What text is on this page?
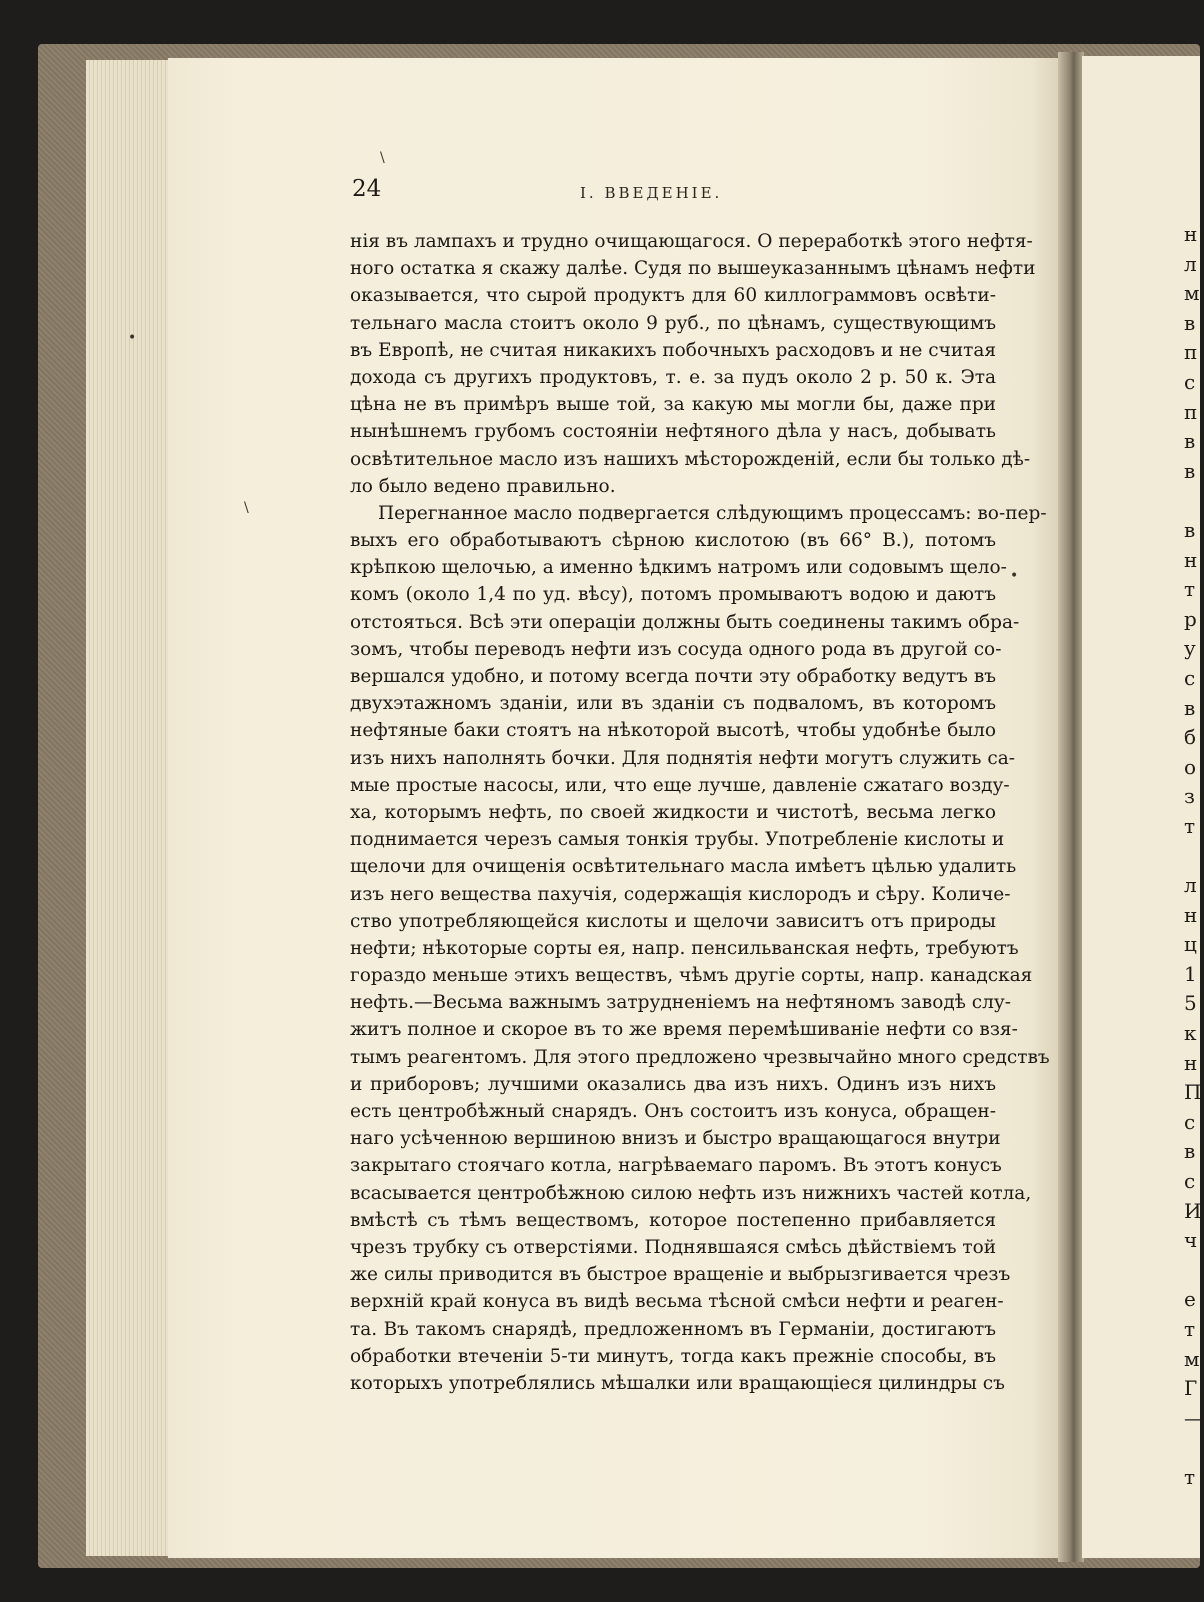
н
л
м
в
п
с
п
в
в
в
н
т
р
у
с
в
б
о
з
т
л
н
ц
1
5
к
н
П
с
в
с
И
ч
е
т
м
Г
—
т
24	I. ВВЕДЕНІЕ.
нія въ лампахъ и трудно очищающагося. О переработкѣ этого нефтя-
ного остатка я скажу далѣе. Судя по вышеуказаннымъ цѣнамъ нефти
оказывается, что сырой продуктъ для 60 киллограммовъ освѣти-
тельнаго масла стоитъ около 9 руб., по цѣнамъ, существующимъ
въ Европѣ, не считая никакихъ побочныхъ расходовъ и не считая
дохода съ другихъ продуктовъ, т. е. за пудъ около 2 р. 50 к. Эта
цѣна не въ примѣръ выше той, за какую мы могли бы, даже при
нынѣшнемъ грубомъ состояніи нефтяного дѣла у насъ, добывать
освѣтительное масло изъ нашихъ мѣсторожденій, если бы только дѣ-
ло было ведено правильно.
Перегнанное масло подвергается слѣдующимъ процессамъ: во-пер-
выхъ его обработываютъ сѣрною кислотою (въ 66° В.), потомъ
крѣпкою щелочью, а именно ѣдкимъ натромъ или содовымъ щело-
комъ (около 1,4 по уд. вѣсу), потомъ промываютъ водою и даютъ
отстояться. Всѣ эти операціи должны быть соединены такимъ обра-
зомъ, чтобы переводъ нефти изъ сосуда одного рода въ другой со-
вершался удобно, и потому всегда почти эту обработку ведутъ въ
двухэтажномъ зданіи, или въ зданіи съ подваломъ, въ которомъ
нефтяные баки стоятъ на нѣкоторой высотѣ, чтобы удобнѣе было
изъ нихъ наполнять бочки. Для поднятія нефти могутъ служить са-
мые простые насосы, или, что еще лучше, давленіе сжатаго возду-
ха, которымъ нефть, по своей жидкости и чистотѣ, весьма легко
поднимается черезъ самыя тонкія трубы. Употребленіе кислоты и
щелочи для очищенія освѣтительнаго масла имѣетъ цѣлью удалить
изъ него вещества пахучія, содержащія кислородъ и сѣру. Количе-
ство употребляющейся кислоты и щелочи зависитъ отъ природы
нефти; нѣкоторые сорты ея, напр. пенсильванская нефть, требуютъ
гораздо меньше этихъ веществъ, чѣмъ другіе сорты, напр. канадская
нефть.—Весьма важнымъ затрудненіемъ на нефтяномъ заводѣ слу-
житъ полное и скорое въ то же время перемѣшиваніе нефти со взя-
тымъ реагентомъ. Для этого предложено чрезвычайно много средствъ
и приборовъ; лучшими оказались два изъ нихъ. Одинъ изъ нихъ
есть центробѣжный снарядъ. Онъ состоитъ изъ конуса, обращен-
наго усѣченною вершиною внизъ и быстро вращающагося внутри
закрытаго стоячаго котла, нагрѣваемаго паромъ. Въ этотъ конусъ
всасывается центробѣжною силою нефть изъ нижнихъ частей котла,
вмѣстѣ съ тѣмъ веществомъ, которое постепенно прибавляется
чрезъ трубку съ отверстіями. Поднявшаяся смѣсь дѣйствіемъ той
же силы приводится въ быстрое вращеніе и выбрызгивается чрезъ
верхній край конуса въ видѣ весьма тѣсной смѣси нефти и реаген-
та. Въ такомъ снарядѣ, предложенномъ въ Германіи, достигаютъ
обработки втеченіи 5-ти минутъ, тогда какъ прежніе способы, въ
которыхъ употреблялись мѣшалки или вращающіеся цилиндры съ
\
•
\
•
